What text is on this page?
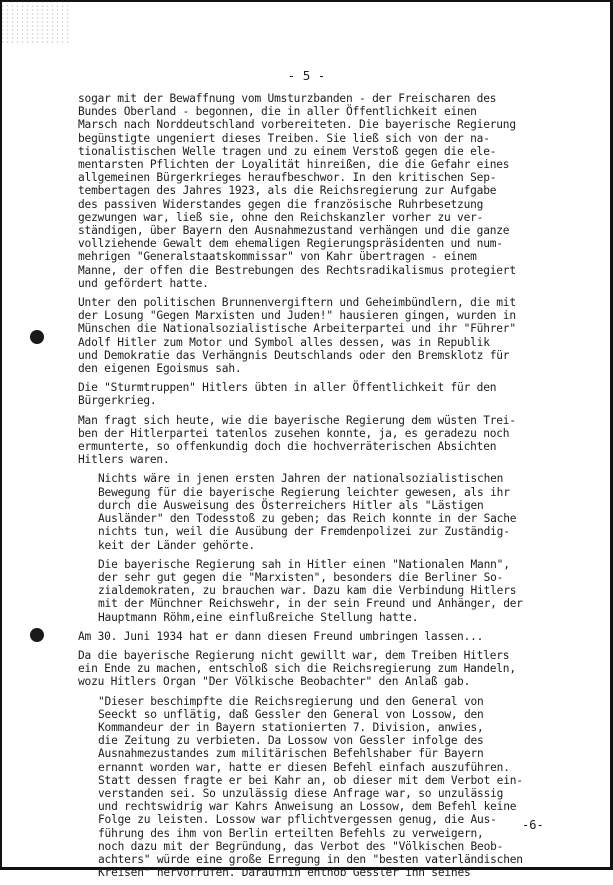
- 5 -

sogar mit der Bewaffnung vom Umsturzbanden - der Freischaren des
Bundes Oberland - begonnen, die in aller Öffentlichkeit einen
Marsch nach Norddeutschland vorbereiteten. Die bayerische Regierung
begünstigte ungeniert dieses Treiben. Sie ließ sich von der na-
tionalistischen Welle tragen und zu einem Verstoß gegen die ele-
mentarsten Pflichten der Loyalität hinreißen, die die Gefahr eines
allgemeinen Bürgerkrieges heraufbeschwor. In den kritischen Sep-
tembertagen des Jahres 1923, als die Reichsregierung zur Aufgabe
des passiven Widerstandes gegen die französische Ruhrbesetzung
gezwungen war, ließ sie, ohne den Reichskanzler vorher zu ver-
ständigen, über Bayern den Ausnahmezustand verhängen und die ganze
vollziehende Gewalt dem ehemaligen Regierungspräsidenten und num-
mehrigen "Generalstaatskommissar" von Kahr übertragen - einem
Manne, der offen die Bestrebungen des Rechtsradikalismus protegiert
und gefördert hatte.

Unter den politischen Brunnenvergiftern und Geheimbündlern, die mit
der Losung "Gegen Marxisten und Juden!" hausieren gingen, wurden in
Münschen die Nationalsozialistische Arbeiterpartei und ihr "Führer"
Adolf Hitler zum Motor und Symbol alles dessen, was in Republik
und Demokratie das Verhängnis Deutschlands oder den Bremsklotz für
den eigenen Egoismus sah.

Die "Sturmtruppen" Hitlers übten in aller Öffentlichkeit für den
Bürgerkrieg.

Man fragt sich heute, wie die bayerische Regierung dem wüsten Trei-
ben der Hitlerpartei tatenlos zusehen konnte, ja, es geradezu noch
ermunterte, so offenkundig doch die hochverräterischen Absichten
Hitlers waren.

Nichts wäre in jenen ersten Jahren der nationalsozialistischen
Bewegung für die bayerische Regierung leichter gewesen, als ihr
durch die Ausweisung des Österreichers Hitler als "Lästigen
Ausländer" den Todesstoß zu geben; das Reich konnte in der Sache
nichts tun, weil die Ausübung der Fremdenpolizei zur Zuständig-
keit der Länder gehörte.

Die bayerische Regierung sah in Hitler einen "Nationalen Mann",
der sehr gut gegen die "Marxisten", besonders die Berliner So-
zialdemokraten, zu brauchen war. Dazu kam die Verbindung Hitlers
mit der Münchner Reichswehr, in der sein Freund und Anhänger, der
Hauptmann Röhm,eine einflußreiche Stellung hatte.

Am 30. Juni 1934 hat er dann diesen Freund umbringen lassen...

Da die bayerische Regierung nicht gewillt war, dem Treiben Hitlers
ein Ende zu machen, entschloß sich die Reichsregierung zum Handeln,
wozu Hitlers Organ "Der Völkische Beobachter" den Anlaß gab.

"Dieser beschimpfte die Reichsregierung und den General von
Seeckt so unflätig, daß Gessler den General von Lossow, den
Kommandeur der in Bayern stationierten 7. Division, anwies,
die Zeitung zu verbieten. Da Lossow von Gessler infolge des
Ausnahmezustandes zum militärischen Befehlshaber für Bayern
ernannt worden war, hatte er diesen Befehl einfach auszuführen.
Statt dessen fragte er bei Kahr an, ob dieser mit dem Verbot ein-
verstanden sei. So unzulässig diese Anfrage war, so unzulässig
und rechtswidrig war Kahrs Anweisung an Lossow, dem Befehl keine
Folge zu leisten. Lossow war pflichtvergessen genug, die Aus-
führung des ihm von Berlin erteilten Befehls zu verweigern,
noch dazu mit der Begründung, das Verbot des "Völkischen Beob-
achters" würde eine große Erregung in den "besten vaterländischen
Kreisen" hervorrufen. Daraufhin enthob Gessler ihn seines

-6-
